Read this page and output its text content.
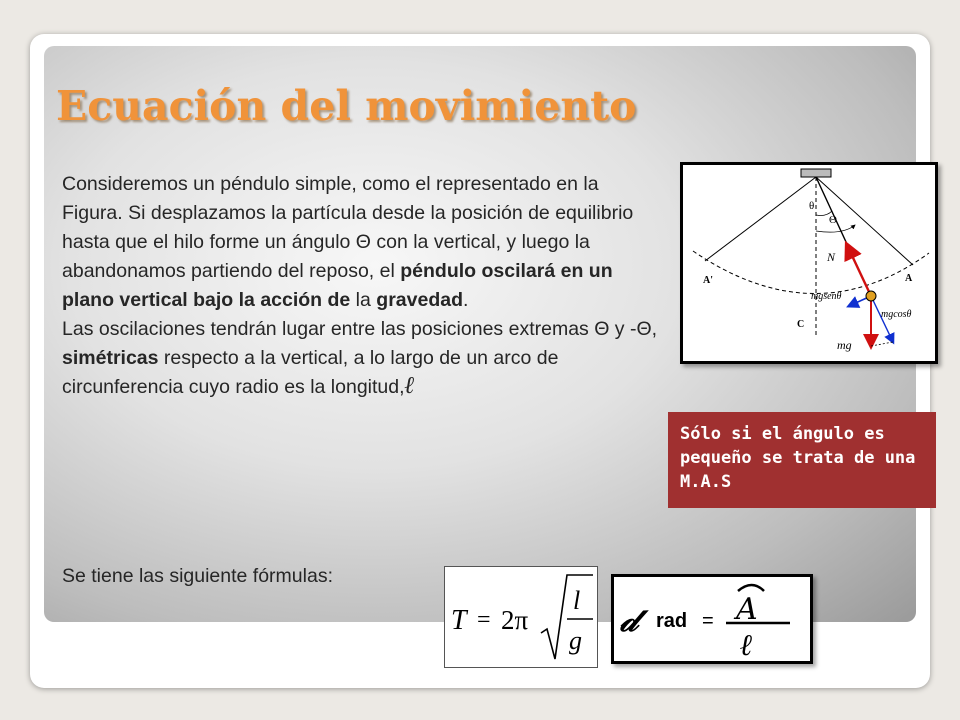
Ecuación del movimiento

Consideremos un péndulo simple, como el representado en la Figura. Si desplazamos la partícula desde la posición de equilibrio hasta que el hilo forme un ángulo Θ con la vertical, y luego la abandonamos partiendo del reposo, el péndulo oscilará en un plano vertical bajo la acción de la gravedad.

Las oscilaciones tendrán lugar entre las posiciones extremas Θ y -Θ, simétricas respecto a la vertical, a lo largo de un arco de circunferencia cuyo radio es la longitud,ℓ

Se tiene las siguiente fórmulas:
θ
Θ
N
A
A'
C
mgsenθ
mgcosθ
mg
Sólo si el ángulo es pequeño se trata de una M.A.S
T = 2π
l
g
𝒹 rad = A
ℓ
